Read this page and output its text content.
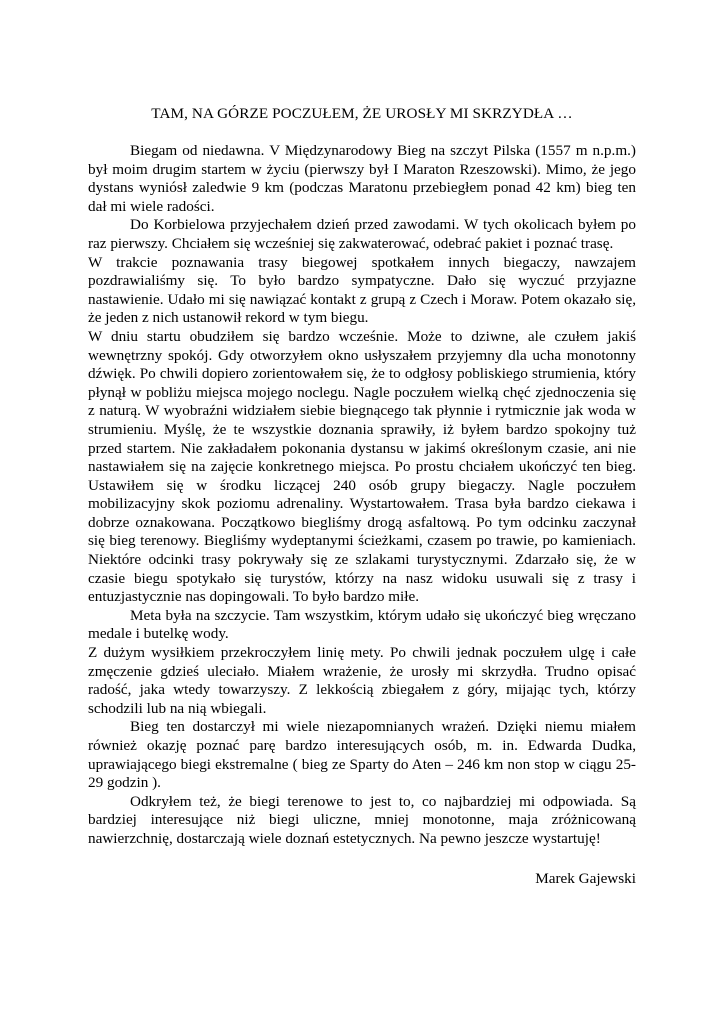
TAM, NA GÓRZE POCZUŁEM, ŻE UROSŁY MI SKRZYDŁA …

Biegam od niedawna. V Międzynarodowy Bieg na szczyt Pilska (1557 m n.p.m.) był moim drugim startem w życiu (pierwszy był I Maraton Rzeszowski). Mimo, że jego dystans wyniósł zaledwie 9 km (podczas Maratonu przebiegłem ponad 42 km) bieg ten dał mi wiele radości.

Do Korbielowa przyjechałem dzień przed zawodami. W tych okolicach byłem po raz pierwszy. Chciałem się wcześniej się zakwaterować, odebrać pakiet i poznać trasę.

W trakcie poznawania trasy biegowej spotkałem innych biegaczy, nawzajem pozdrawialiśmy się. To było bardzo sympatyczne. Dało się wyczuć przyjazne nastawienie. Udało mi się nawiązać kontakt z grupą z Czech i Moraw. Potem okazało się, że jeden z nich ustanowił rekord w tym biegu.

W dniu startu obudziłem się bardzo wcześnie. Może to dziwne, ale czułem jakiś wewnętrzny spokój. Gdy otworzyłem okno usłyszałem przyjemny dla ucha monotonny dźwięk. Po chwili dopiero zorientowałem się, że to odgłosy pobliskiego strumienia, który płynął w pobliżu miejsca mojego noclegu. Nagle poczułem wielką chęć zjednoczenia się z naturą. W wyobraźni widziałem siebie biegnącego tak płynnie i rytmicznie jak woda w strumieniu. Myślę, że te wszystkie doznania sprawiły, iż byłem bardzo spokojny tuż przed startem. Nie zakładałem pokonania dystansu w jakimś określonym czasie, ani nie nastawiałem się na zajęcie konkretnego miejsca. Po prostu chciałem ukończyć ten bieg. Ustawiłem się w środku liczącej 240 osób grupy biegaczy. Nagle poczułem mobilizacyjny skok poziomu adrenaliny. Wystartowałem. Trasa była bardzo ciekawa i dobrze oznakowana. Początkowo biegliśmy drogą asfaltową. Po tym odcinku zaczynał się bieg terenowy. Biegliśmy wydeptanymi ścieżkami, czasem po trawie, po kamieniach. Niektóre odcinki trasy pokrywały się ze szlakami turystycznymi. Zdarzało się, że w czasie biegu spotykało się turystów, którzy na nasz widoku usuwali się z trasy i entuzjastycznie nas dopingowali. To było bardzo miłe.

Meta była na szczycie. Tam wszystkim, którym udało się ukończyć bieg wręczano medale i butelkę wody.

Z dużym wysiłkiem przekroczyłem linię mety. Po chwili jednak poczułem ulgę i całe zmęczenie gdzieś uleciało. Miałem wrażenie, że urosły mi skrzydła. Trudno opisać radość, jaka wtedy towarzyszy. Z lekkością zbiegałem z góry, mijając tych, którzy schodzili lub na nią wbiegali.

Bieg ten dostarczył mi wiele niezapomnianych wrażeń. Dzięki niemu miałem również okazję poznać parę bardzo interesujących osób, m. in. Edwarda Dudka, uprawiającego biegi ekstremalne ( bieg ze Sparty do Aten – 246 km non stop w ciągu 25-29 godzin ).

Odkryłem też, że biegi terenowe to jest to, co najbardziej mi odpowiada. Są bardziej interesujące niż biegi uliczne, mniej monotonne, maja zróżnicowaną nawierzchnię, dostarczają wiele doznań estetycznych. Na pewno jeszcze wystartuję!

Marek Gajewski
